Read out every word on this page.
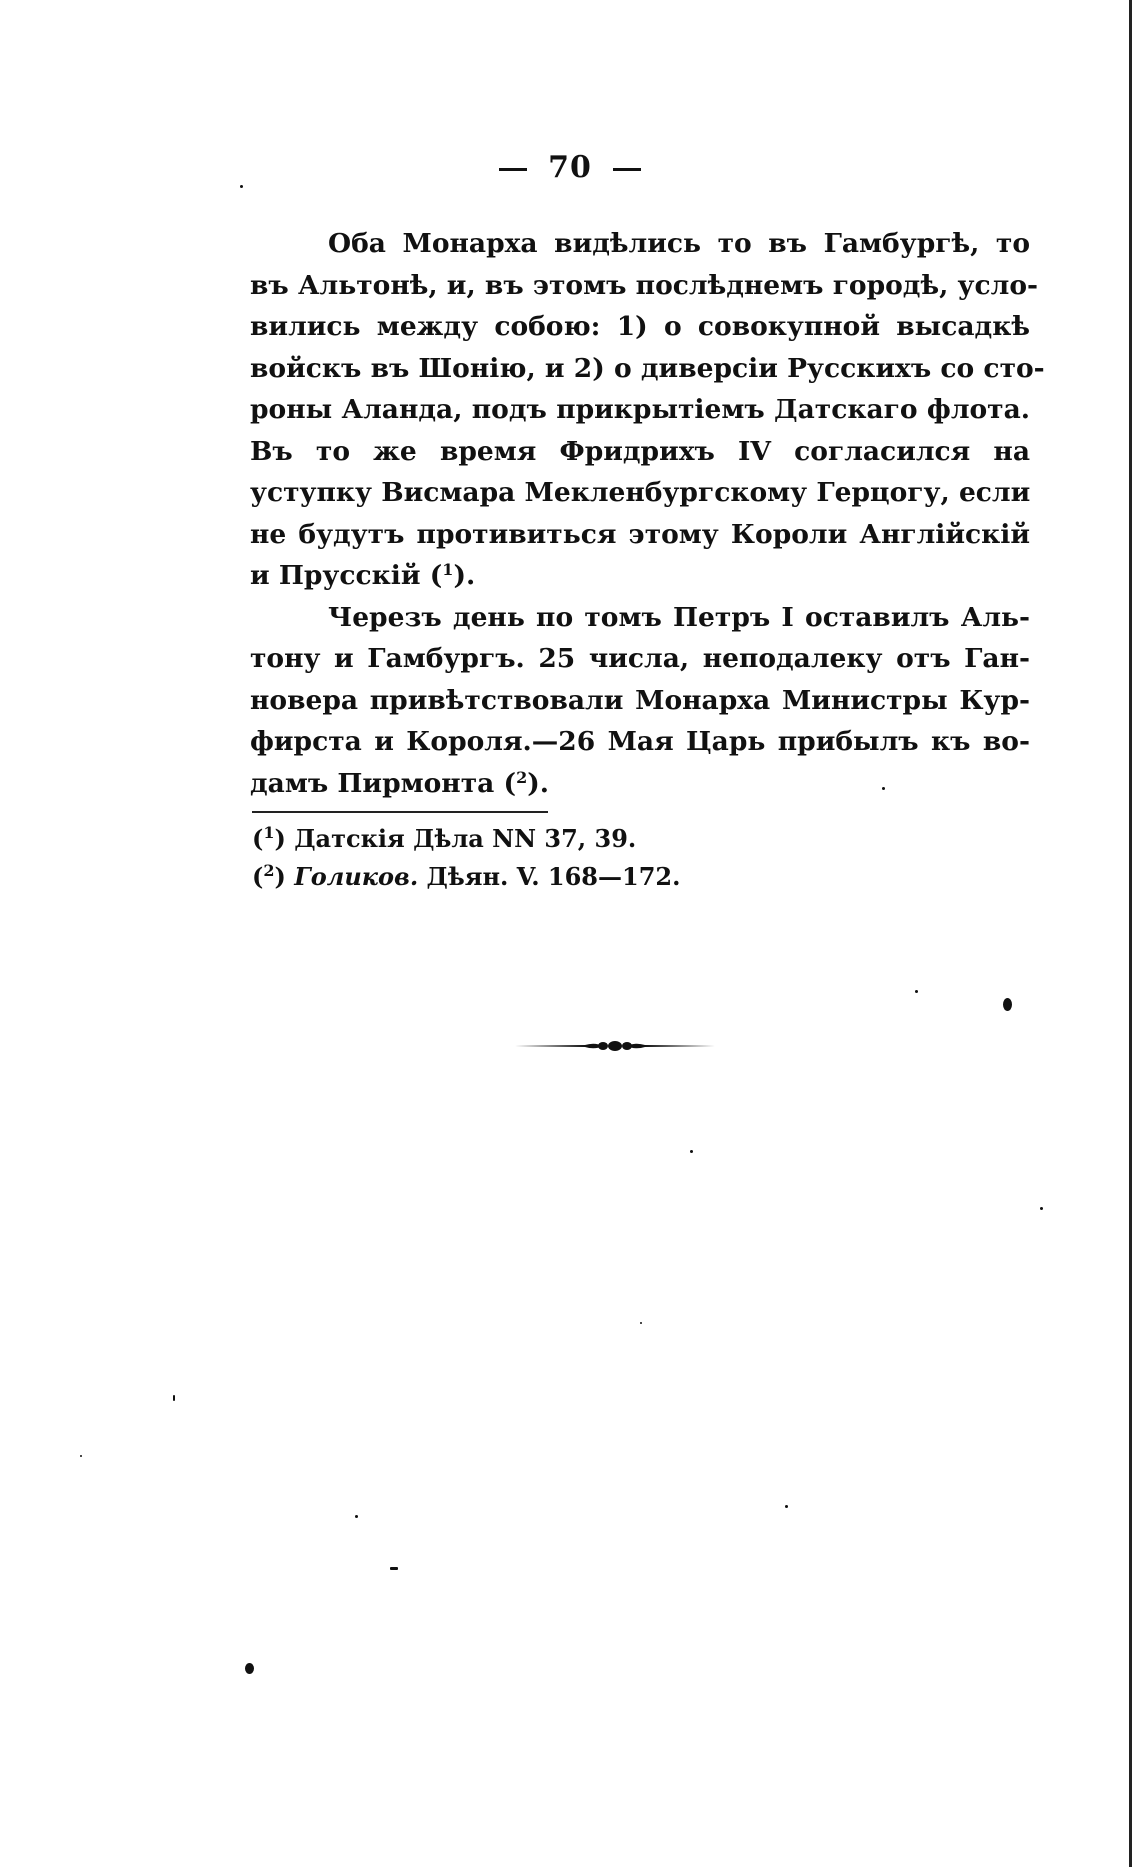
70

Оба Монарха видѣлись то въ Гамбургѣ, то
въ Альтонѣ, и, въ этомъ послѣднемъ городѣ, усло-
вились между собою: 1) о совокупной высадкѣ
войскъ въ Шонію, и 2) о диверсіи Русскихъ со сто-
роны Аланда, подъ прикрытіемъ Датскаго флота.
Въ то же время Фридрихъ IV согласился на
уступку Висмара Мекленбургскому Герцогу, если
не будутъ противиться этому Короли Англійскій
и Прусскій ($^1$).

Черезъ день по томъ Петръ I оставилъ Аль-
тону и Гамбургъ. 25 числа, неподалеку отъ Ган-
новера привѣтствовали Монарха Министры Кур-
фирста и Короля.—26 Мая Царь прибылъ къ во-
дамъ Пирмонта ($^2$).

($^1$) Датскія Дѣла NN 37, 39.
($^2$) Голиков. Дѣян. V. 168—172.
